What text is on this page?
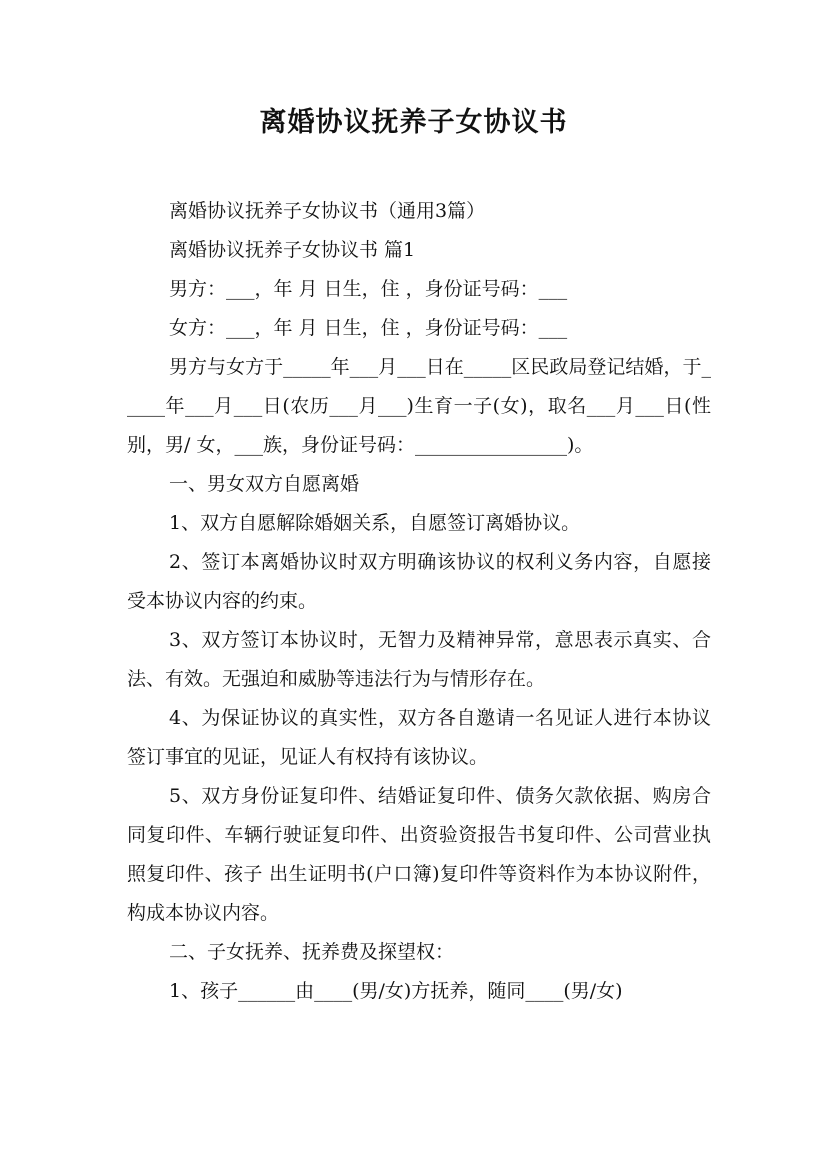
离婚协议抚养子女协议书

离婚协议抚养子女协议书（通用3篇）

离婚协议抚养子女协议书 篇1

男方：___，年 月 日生，住 ，身份证号码：___

女方：___，年 月 日生，住 ，身份证号码：___

男方与女方于_____年___月___日在_____区民政局登记结婚，于_____年___月___日(农历___月___)生育一子(女)，取名___月___日(性别，男/ 女，___族，身份证号码：________________)。

一、男女双方自愿离婚

1、双方自愿解除婚姻关系，自愿签订离婚协议。

2、签订本离婚协议时双方明确该协议的权利义务内容，自愿接受本协议内容的约束。

3、双方签订本协议时，无智力及精神异常，意思表示真实、合法、有效。无强迫和威胁等违法行为与情形存在。

4、为保证协议的真实性，双方各自邀请一名见证人进行本协议签订事宜的见证，见证人有权持有该协议。

5、双方身份证复印件、结婚证复印件、债务欠款依据、购房合同复印件、车辆行驶证复印件、出资验资报告书复印件、公司营业执照复印件、孩子 出生证明书(户口簿)复印件等资料作为本协议附件，构成本协议内容。

二、子女抚养、抚养费及探望权：

1、孩子______由____(男/女)方抚养，随同____(男/女)
